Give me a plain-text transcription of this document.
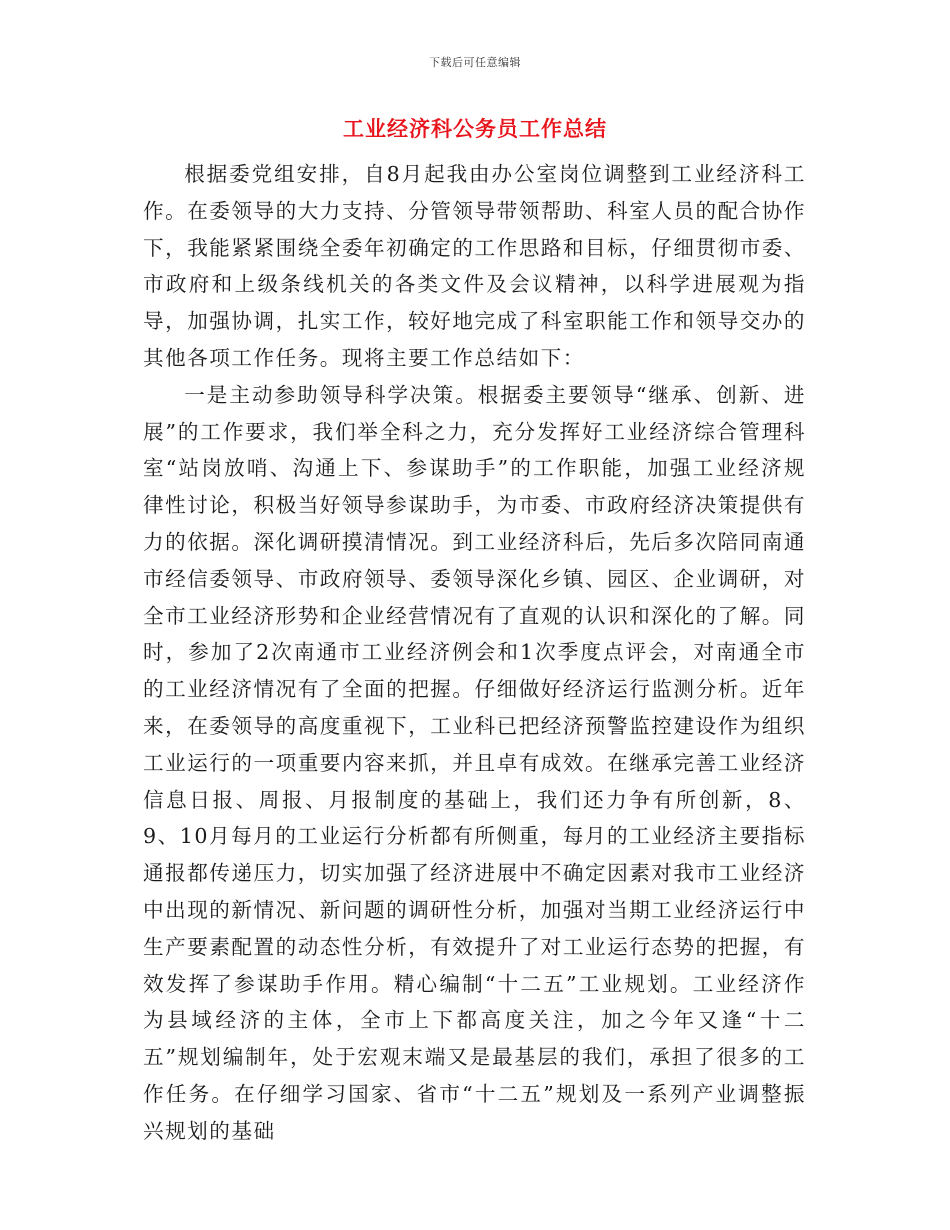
下载后可任意编辑
工业经济科公务员工作总结

根据委党组安排，自8月起我由办公室岗位调整到工业经济科工作。在委领导的大力支持、分管领导带领帮助、科室人员的配合协作下，我能紧紧围绕全委年初确定的工作思路和目标，仔细贯彻市委、市政府和上级条线机关的各类文件及会议精神，以科学进展观为指导，加强协调，扎实工作，较好地完成了科室职能工作和领导交办的其他各项工作任务。现将主要工作总结如下：

一是主动参助领导科学决策。根据委主要领导“继承、创新、进展”的工作要求，我们举全科之力，充分发挥好工业经济综合管理科室“站岗放哨、沟通上下、参谋助手”的工作职能，加强工业经济规律性讨论，积极当好领导参谋助手，为市委、市政府经济决策提供有力的依据。深化调研摸清情况。到工业经济科后，先后多次陪同南通市经信委领导、市政府领导、委领导深化乡镇、园区、企业调研，对全市工业经济形势和企业经营情况有了直观的认识和深化的了解。同时，参加了2次南通市工业经济例会和1次季度点评会，对南通全市的工业经济情况有了全面的把握。仔细做好经济运行监测分析。近年来，在委领导的高度重视下，工业科已把经济预警监控建设作为组织工业运行的一项重要内容来抓，并且卓有成效。在继承完善工业经济信息日报、周报、月报制度的基础上，我们还力争有所创新，8、9、10月每月的工业运行分析都有所侧重，每月的工业经济主要指标通报都传递压力，切实加强了经济进展中不确定因素对我市工业经济中出现的新情况、新问题的调研性分析，加强对当期工业经济运行中生产要素配置的动态性分析，有效提升了对工业运行态势的把握，有效发挥了参谋助手作用。精心编制“十二五”工业规划。工业经济作为县域经济的主体，全市上下都高度关注，加之今年又逢“十二五”规划编制年，处于宏观末端又是最基层的我们，承担了很多的工作任务。在仔细学习国家、省市“十二五”规划及一系列产业调整振兴规划的基础
